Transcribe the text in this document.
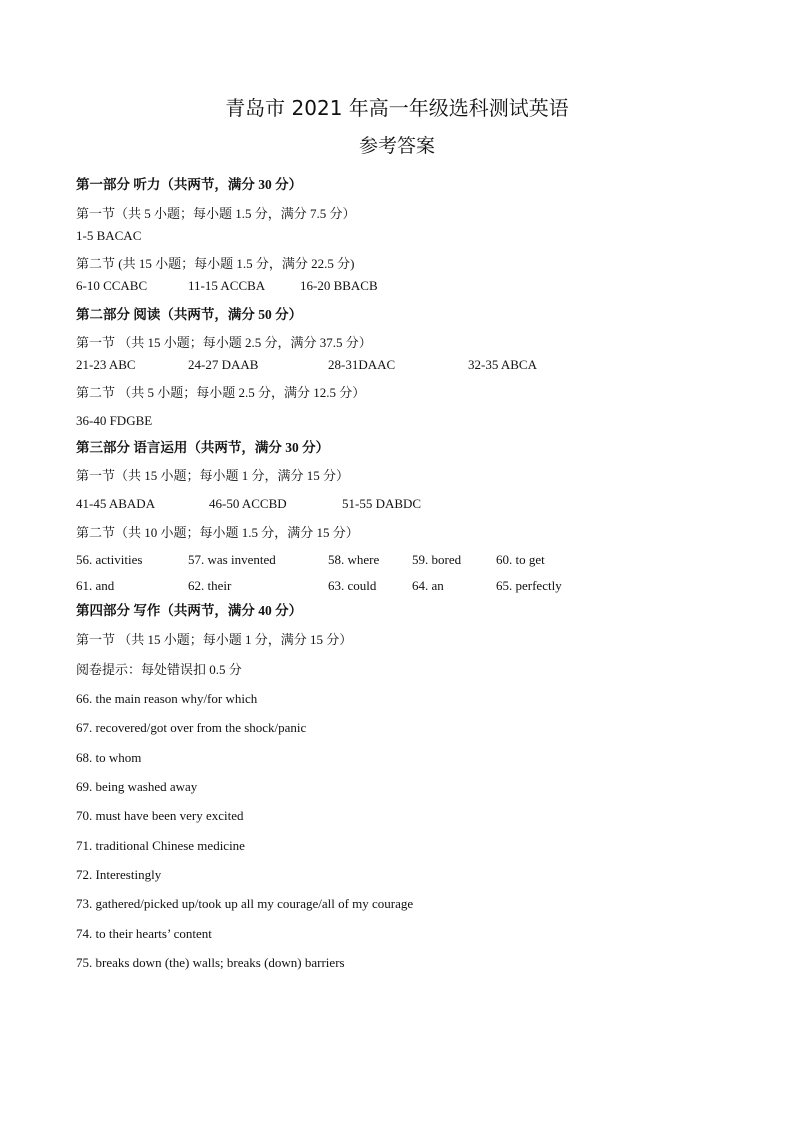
青岛市 2021 年高一年级选科测试英语
参考答案
第一部分 听力（共两节，满分 30 分）
第一节（共 5 小题；每小题 1.5 分，满分 7.5 分）
1-5 BACAC
第二节 (共 15 小题；每小题 1.5 分，满分 22.5 分)
6-10 CCABC	11-15 ACCBA	16-20 BBACB
第二部分 阅读（共两节，满分 50 分）
第一节 （共 15 小题；每小题 2.5 分，满分 37.5 分）
21-23 ABC	24-27 DAAB	28-31DAAC	32-35 ABCA
第二节 （共 5 小题；每小题 2.5 分，满分 12.5 分）
36-40 FDGBE
第三部分 语言运用（共两节，满分 30 分）
第一节（共 15 小题；每小题 1 分，满分 15 分）
41-45 ABADA	46-50 ACCBD	51-55 DABDC
第二节（共 10 小题；每小题 1.5 分，满分 15 分）
56. activities	57. was invented	58. where	59. bored	60. to get
61. and	62. their	63. could	64. an	65. perfectly
第四部分 写作（共两节，满分 40 分）
第一节 （共 15 小题；每小题 1 分，满分 15 分）
阅卷提示：每处错误扣 0.5 分
66. the main reason why/for which
67. recovered/got over from the shock/panic
68. to whom
69. being washed away
70. must have been very excited
71. traditional Chinese medicine
72. Interestingly
73. gathered/picked up/took up all my courage/all of my courage
74. to their hearts’ content
75. breaks down (the) walls; breaks (down) barriers
